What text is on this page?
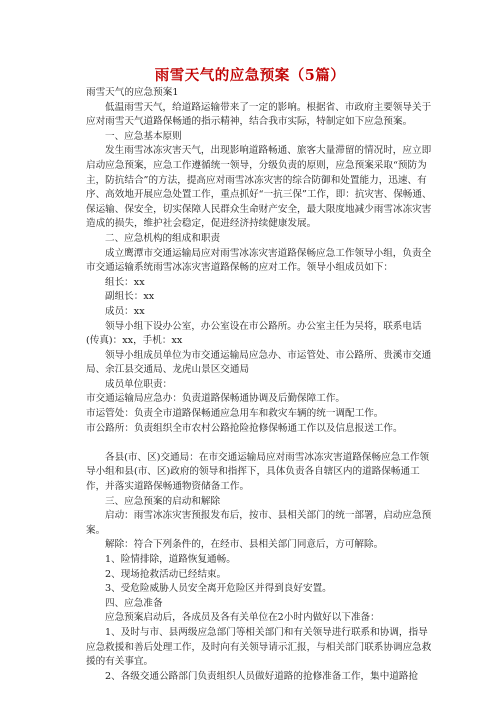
雨雪天气的应急预案（5篇）

雨雪天气的应急预案1

低温雨雪天气，给道路运输带来了一定的影响。根据省、市政府主要领导关于应对雨雪天气道路保畅通的指示精神，结合我市实际，特制定如下应急预案。

一、应急基本原则

发生雨雪冰冻灾害天气，出现影响道路畅通、旅客大量滞留的情况时，应立即启动应急预案，应急工作遵循统一领导，分级负责的原则，应急预案采取“预防为主，防抗结合”的方法，提高应对雨雪冰冻灾害的综合防御和处置能力，迅速、有序、高效地开展应急处置工作，重点抓好“一抗三保”工作，即：抗灾害、保畅通、保运输、保安全，切实保障人民群众生命财产安全，最大限度地减少雨雪冰冻灾害造成的损失，维护社会稳定，促进经济持续健康发展。

二、应急机构的组成和职责

成立鹰潭市交通运输局应对雨雪冰冻灾害道路保畅应急工作领导小组，负责全市交通运输系统雨雪冰冻灾害道路保畅的应对工作。领导小组成员如下：

组长：xx

副组长：xx

成员：xx

领导小组下设办公室，办公室设在市公路所。办公室主任为吴将，联系电话(传真)：xx，手机：xx

领导小组成员单位为市交通运输局应急办、市运管处、市公路所、贵溪市交通局、余江县交通局、龙虎山景区交通局

成员单位职责：

市交通运输局应急办：负责道路保畅通协调及后勤保障工作。

市运管处：负责全市道路保畅通应急用车和救灾车辆的统一调配工作。

市公路所：负责组织全市农村公路抢险抢修保畅通工作以及信息报送工作。

各县(市、区)交通局：在市交通运输局应对雨雪冰冻灾害道路保畅应急工作领导小组和县(市、区)政府的领导和指挥下，具体负责各自辖区内的道路保畅通工作，并落实道路保畅通物资储备工作。

三、应急预案的启动和解除

启动：雨雪冰冻灾害预报发布后，按市、县相关部门的统一部署，启动应急预案。

解除：符合下列条件的，在经市、县相关部门同意后，方可解除。

1、险情排除，道路恢复通畅。

2、现场抢救活动已经结束。

3、受危险威胁人员安全离开危险区并得到良好安置。

四、应急准备

应急预案启动后，各成员及各有关单位在2小时内做好以下准备：

1、及时与市、县两级应急部门等相关部门和有关领导进行联系和协调，指导应急救援和善后处理工作，及时向有关领导请示汇报，与相关部门联系协调应急救援的有关事宜。

2、各级交通公路部门负责组织人员做好道路的抢修准备工作，集中道路抢
